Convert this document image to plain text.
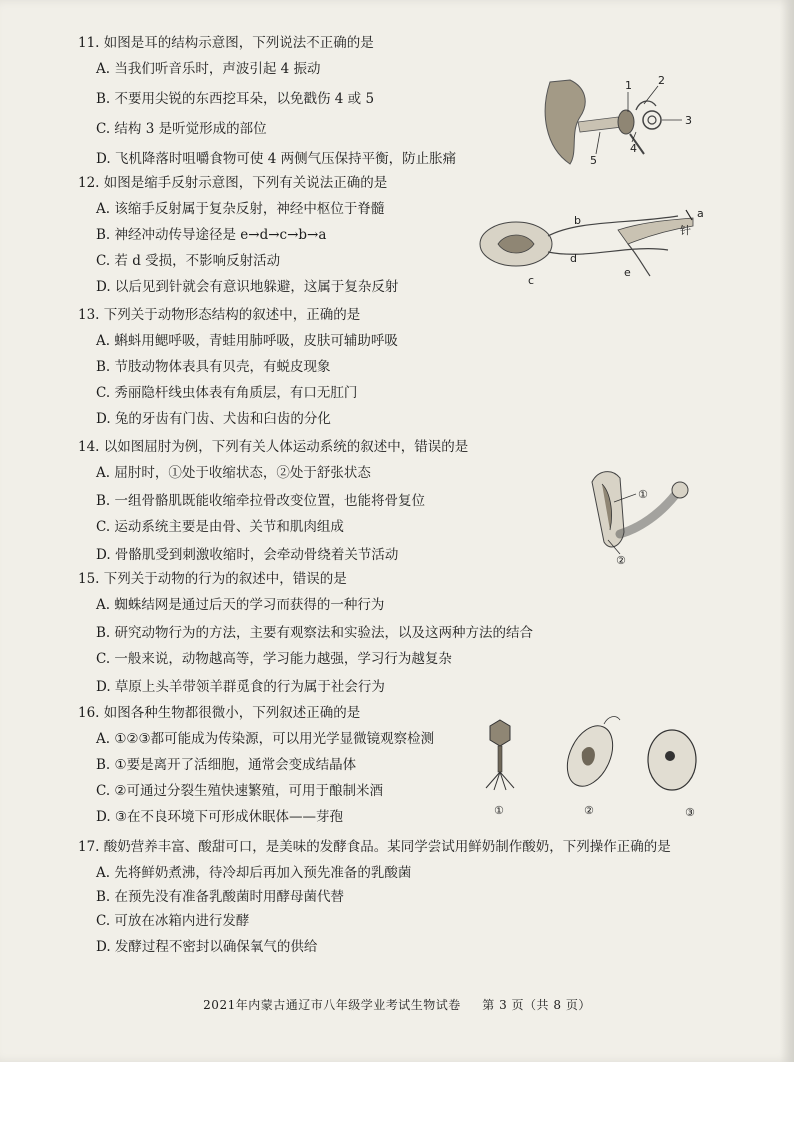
11. 如图是耳的结构示意图，下列说法不正确的是
A. 当我们听音乐时，声波引起 4 振动
B. 不要用尖锐的东西挖耳朵，以免戳伤 4 或 5
C. 结构 3 是听觉形成的部位
D. 飞机降落时咀嚼食物可使 4 两侧气压保持平衡，防止胀痛
1 2
3
4
5
12. 如图是缩手反射示意图，下列有关说法正确的是
A. 该缩手反射属于复杂反射，神经中枢位于脊髓
B. 神经冲动传导途径是 e→d→c→b→a
C. 若 d 受损，不影响反射活动
D. 以后见到针就会有意识地躲避，这属于复杂反射
b
a
针
d
c
e
13. 下列关于动物形态结构的叙述中，正确的是
A. 蝌蚪用鳃呼吸，青蛙用肺呼吸，皮肤可辅助呼吸
B. 节肢动物体表具有贝壳，有蜕皮现象
C. 秀丽隐杆线虫体表有角质层，有口无肛门
D. 兔的牙齿有门齿、犬齿和臼齿的分化
14. 以如图屈肘为例，下列有关人体运动系统的叙述中，错误的是
A. 屈肘时，①处于收缩状态，②处于舒张状态
B. 一组骨骼肌既能收缩牵拉骨改变位置，也能将骨复位
C. 运动系统主要是由骨、关节和肌肉组成
D. 骨骼肌受到刺激收缩时，会牵动骨绕着关节活动
①
②
15. 下列关于动物的行为的叙述中，错误的是
A. 蜘蛛结网是通过后天的学习而获得的一种行为
B. 研究动物行为的方法，主要有观察法和实验法，以及这两种方法的结合
C. 一般来说，动物越高等，学习能力越强，学习行为越复杂
D. 草原上头羊带领羊群觅食的行为属于社会行为
16. 如图各种生物都很微小，下列叙述正确的是
A. ①②③都可能成为传染源，可以用光学显微镜观察检测
B. ①要是离开了活细胞，通常会变成结晶体
C. ②可通过分裂生殖快速繁殖，可用于酿制米酒
D. ③在不良环境下可形成休眠体——芽孢	①	②	③
17. 酸奶营养丰富、酸甜可口，是美味的发酵食品。某同学尝试用鲜奶制作酸奶，下列操作正确的是
A. 先将鲜奶煮沸，待冷却后再加入预先准备的乳酸菌
B. 在预先没有准备乳酸菌时用酵母菌代替
C. 可放在冰箱内进行发酵
D. 发酵过程不密封以确保氧气的供给
2021年内蒙古通辽市八年级学业考试生物试卷 第 3 页（共 8 页）
